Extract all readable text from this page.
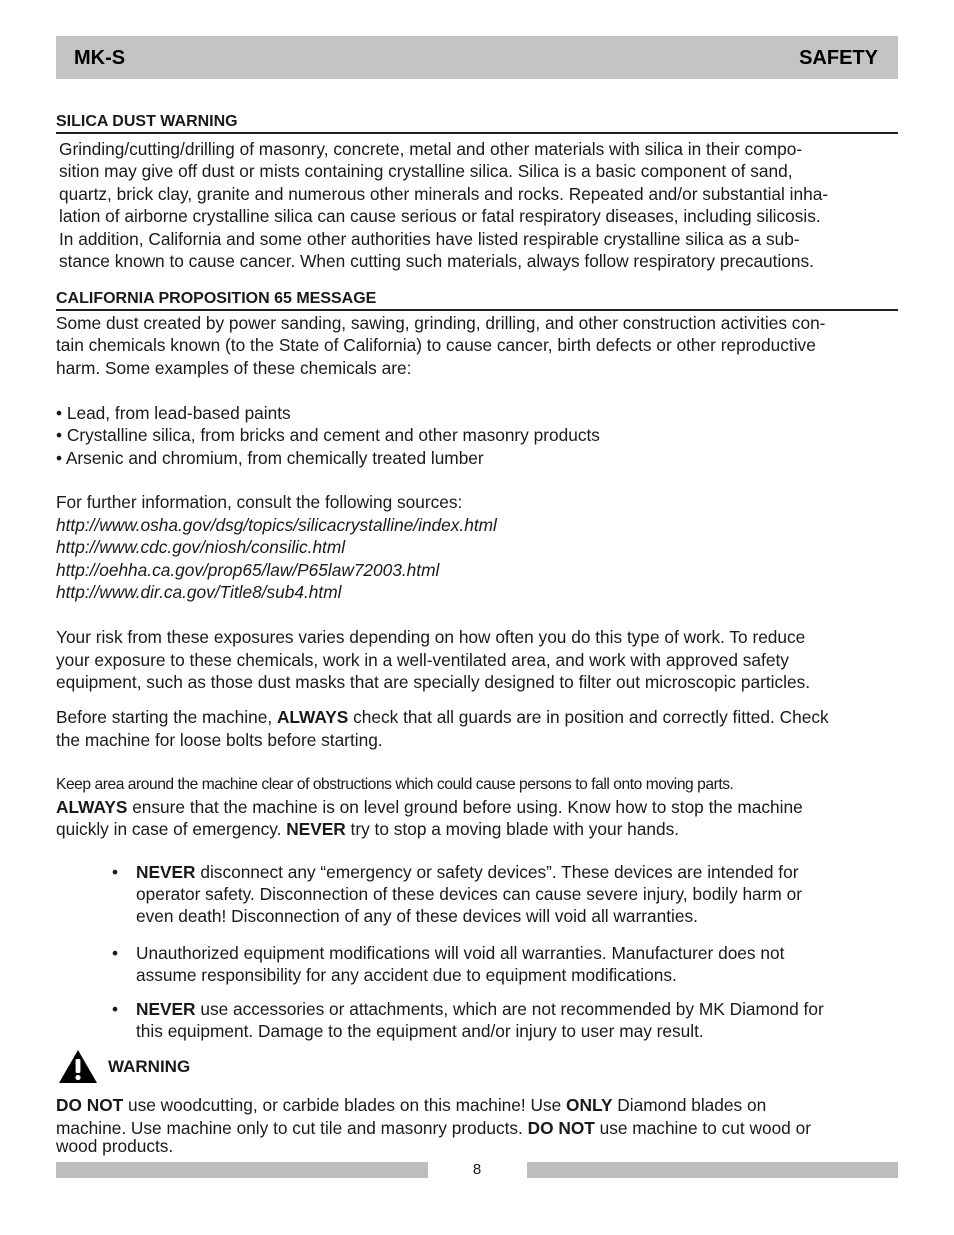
MK-S	SAFETY
SILICA DUST WARNING
Grinding/cutting/drilling of masonry, concrete, metal and other materials with silica in their compo-
sition may give off dust or mists containing crystalline silica. Silica is a basic component of sand,
quartz, brick clay, granite and numerous other minerals and rocks. Repeated and/or substantial inha-
lation of airborne crystalline silica can cause serious or fatal respiratory diseases, including silicosis.
In addition, California and some other authorities have listed respirable crystalline silica as a sub-
stance known to cause cancer. When cutting such materials, always follow respiratory precautions.
CALIFORNIA PROPOSITION 65 MESSAGE
Some dust created by power sanding, sawing, grinding, drilling, and other construction activities con-
tain chemicals known (to the State of California) to cause cancer, birth defects or other reproductive
harm. Some examples of these chemicals are:
• Lead, from lead-based paints
• Crystalline silica, from bricks and cement and other masonry products
• Arsenic and chromium, from chemically treated lumber
For further information, consult the following sources:
http://www.osha.gov/dsg/topics/silicacrystalline/index.html
http://www.cdc.gov/niosh/consilic.html
http://oehha.ca.gov/prop65/law/P65law72003.html
http://www.dir.ca.gov/Title8/sub4.html
Your risk from these exposures varies depending on how often you do this type of work. To reduce
your exposure to these chemicals, work in a well-ventilated area, and work with approved safety
equipment, such as those dust masks that are specially designed to filter out microscopic particles.
Before starting the machine, ALWAYS check that all guards are in position and correctly fitted. Check
the machine for loose bolts before starting.
Keep area around the machine clear of obstructions which could cause persons to fall onto moving parts.
ALWAYS ensure that the machine is on level ground before using. Know how to stop the machine
quickly in case of emergency. NEVER try to stop a moving blade with your hands.
• NEVER disconnect any “emergency or safety devices”. These devices are intended for
operator safety. Disconnection of these devices can cause severe injury, bodily harm or
even death! Disconnection of any of these devices will void all warranties.
• Unauthorized equipment modifications will void all warranties. Manufacturer does not
assume responsibility for any accident due to equipment modifications.
• NEVER use accessories or attachments, which are not recommended by MK Diamond for
this equipment. Damage to the equipment and/or injury to user may result.
WARNING
DO NOT use woodcutting, or carbide blades on this machine! Use ONLY Diamond blades on
machine. Use machine only to cut tile and masonry products. DO NOT use machine to cut wood or
wood products.
8
